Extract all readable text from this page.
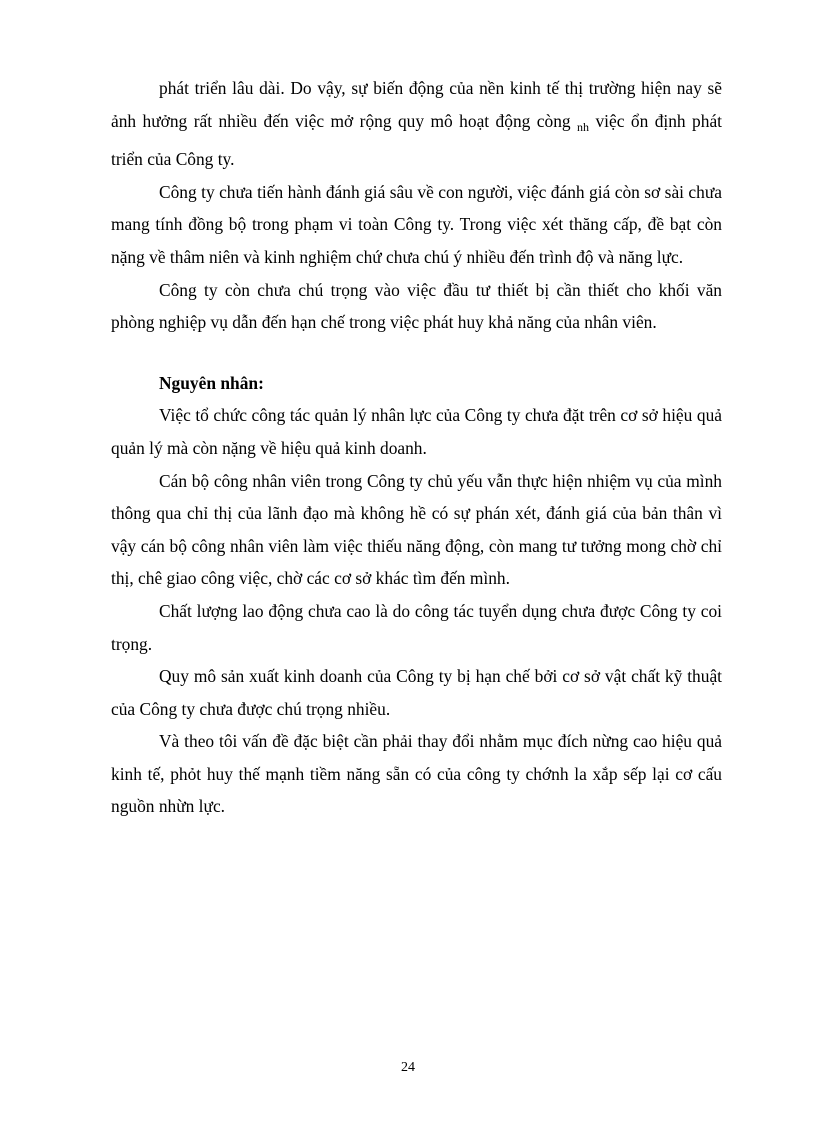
phát triển lâu dài. Do vậy, sự biến động của nền kinh tế thị trường hiện nay sẽ ảnh hưởng rất nhiều đến việc mở rộng quy mô hoạt động còng $_{nh}$ việc ổn định phát triển của Công ty.

Công ty chưa tiến hành đánh giá sâu về con người, việc đánh giá còn sơ sài chưa mang tính đồng bộ trong phạm vi toàn Công ty. Trong việc xét thăng cấp, đề bạt còn nặng về thâm niên và kinh nghiệm chứ chưa chú ý nhiều đến trình độ và năng lực.

Công ty còn chưa chú trọng vào việc đầu tư thiết bị cần thiết cho khối văn phòng nghiệp vụ dẫn đến hạn chế trong việc phát huy khả năng của nhân viên.

Nguyên nhân:

Việc tổ chức công tác quản lý nhân lực của Công ty chưa đặt trên cơ sở hiệu quả quản lý mà còn nặng về hiệu quả kinh doanh.

Cán bộ công nhân viên trong Công ty chủ yếu vẫn thực hiện nhiệm vụ của mình thông qua chỉ thị của lãnh đạo mà không hề có sự phán xét, đánh giá của bản thân vì vậy cán bộ công nhân viên làm việc thiếu năng động, còn mang tư tưởng mong chờ chỉ thị, chê giao công việc, chờ các cơ sở khác tìm đến mình.

Chất lượng lao động chưa cao là do công tác tuyển dụng chưa được Công ty coi trọng.

Quy mô sản xuất kinh doanh của Công ty bị hạn chế bởi cơ sở vật chất kỹ thuật của Công ty chưa được chú trọng nhiều.

Và theo tôi vấn đề đặc biệt cần phải thay đổi nhằm mục đích nừng cao hiệu quả kinh tế, phỏt huy thế mạnh tiềm năng sẵn có của công ty chớnh la xắp sếp lại cơ cấu nguồn nhừn lực.

24
